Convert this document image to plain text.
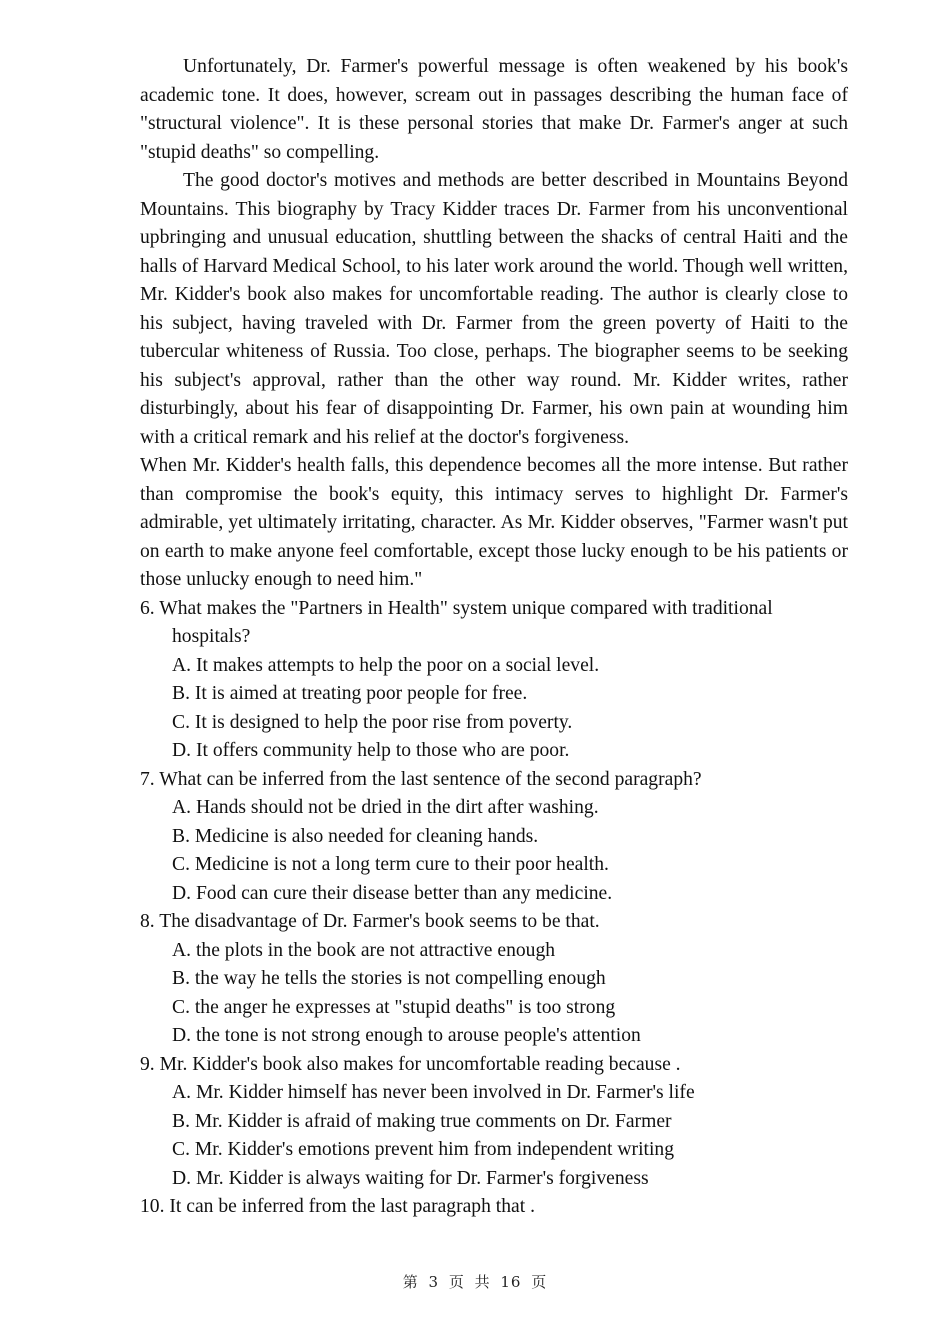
Unfortunately, Dr. Farmer's powerful message is often weakened by his book's academic tone. It does, however, scream out in passages describing the human face of "structural violence". It is these personal stories that make Dr. Farmer's anger at such "stupid deaths" so compelling.

The good doctor's motives and methods are better described in Mountains Beyond Mountains. This biography by Tracy Kidder traces Dr. Farmer from his unconventional upbringing and unusual education, shuttling between the shacks of central Haiti and the halls of Harvard Medical School, to his later work around the world. Though well written, Mr. Kidder's book also makes for uncomfortable reading. The author is clearly close to his subject, having traveled with Dr. Farmer from the green poverty of Haiti to the tubercular whiteness of Russia. Too close, perhaps. The biographer seems to be seeking his subject's approval, rather than the other way round. Mr. Kidder writes, rather disturbingly, about his fear of disappointing Dr. Farmer, his own pain at wounding him with a critical remark and his relief at the doctor's forgiveness.

When Mr. Kidder's health falls, this dependence becomes all the more intense. But rather than compromise the book's equity, this intimacy serves to highlight Dr. Farmer's admirable, yet ultimately irritating, character. As Mr. Kidder observes, "Farmer wasn't put on earth to make anyone feel comfortable, except those lucky enough to be his patients or those unlucky enough to need him."

6. What makes the "Partners in Health" system unique compared with traditional hospitals?
A. It makes attempts to help the poor on a social level.
B. It is aimed at treating poor people for free.
C. It is designed to help the poor rise from poverty.
D. It offers community help to those who are poor.
7. What can be inferred from the last sentence of the second paragraph?
A. Hands should not be dried in the dirt after washing.
B. Medicine is also needed for cleaning hands.
C. Medicine is not a long term cure to their poor health.
D. Food can cure their disease better than any medicine.
8. The disadvantage of Dr. Farmer's book seems to be that.
A. the plots in the book are not attractive enough
B. the way he tells the stories is not compelling enough
C. the anger he expresses at "stupid deaths" is too strong
D. the tone is not strong enough to arouse people's attention
9. Mr. Kidder's book also makes for uncomfortable reading because .
A. Mr. Kidder himself has never been involved in Dr. Farmer's life
B. Mr. Kidder is afraid of making true comments on Dr. Farmer
C. Mr. Kidder's emotions prevent him from independent writing
D. Mr. Kidder is always waiting for Dr. Farmer's forgiveness
10. It can be inferred from the last paragraph that .
第 3 页 共 16 页
